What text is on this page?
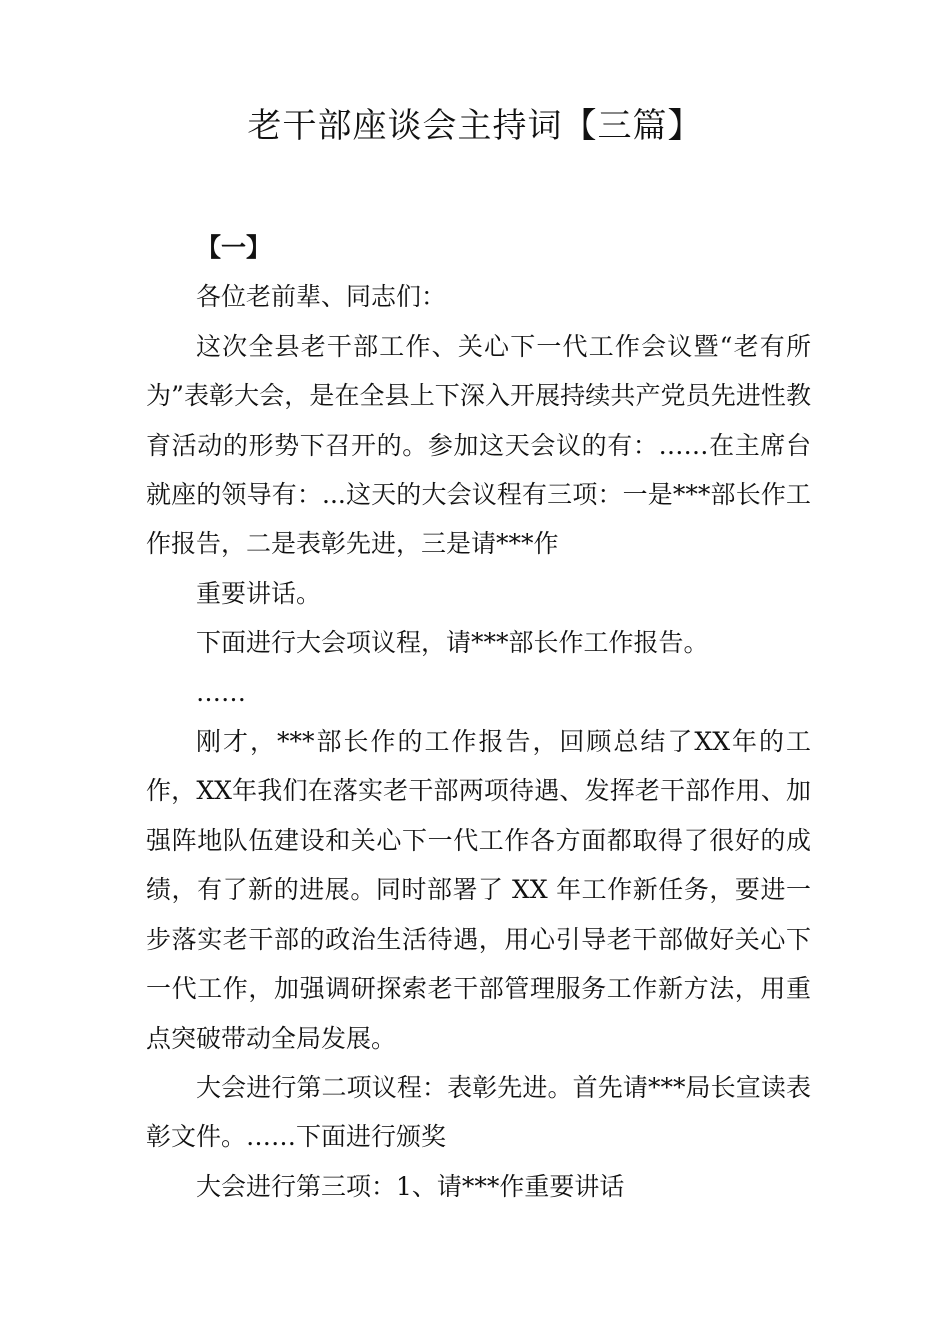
老干部座谈会主持词【三篇】

【一】

各位老前辈、同志们：

这次全县老干部工作、关心下一代工作会议暨“老有所为”表彰大会，是在全县上下深入开展持续共产党员先进性教育活动的形势下召开的。参加这天会议的有：……在主席台就座的领导有：...这天的大会议程有三项：一是***部长作工作报告，二是表彰先进，三是请***作

重要讲话。

下面进行大会项议程，请***部长作工作报告。

……

刚才，***部长作的工作报告，回顾总结了XX年的工作，XX年我们在落实老干部两项待遇、发挥老干部作用、加强阵地队伍建设和关心下一代工作各方面都取得了很好的成绩，有了新的进展。同时部署了 XX 年工作新任务，要进一步落实老干部的政治生活待遇，用心引导老干部做好关心下一代工作，加强调研探索老干部管理服务工作新方法，用重点突破带动全局发展。

大会进行第二项议程：表彰先进。首先请***局长宣读表彰文件。……下面进行颁奖

大会进行第三项：1、请***作重要讲话
